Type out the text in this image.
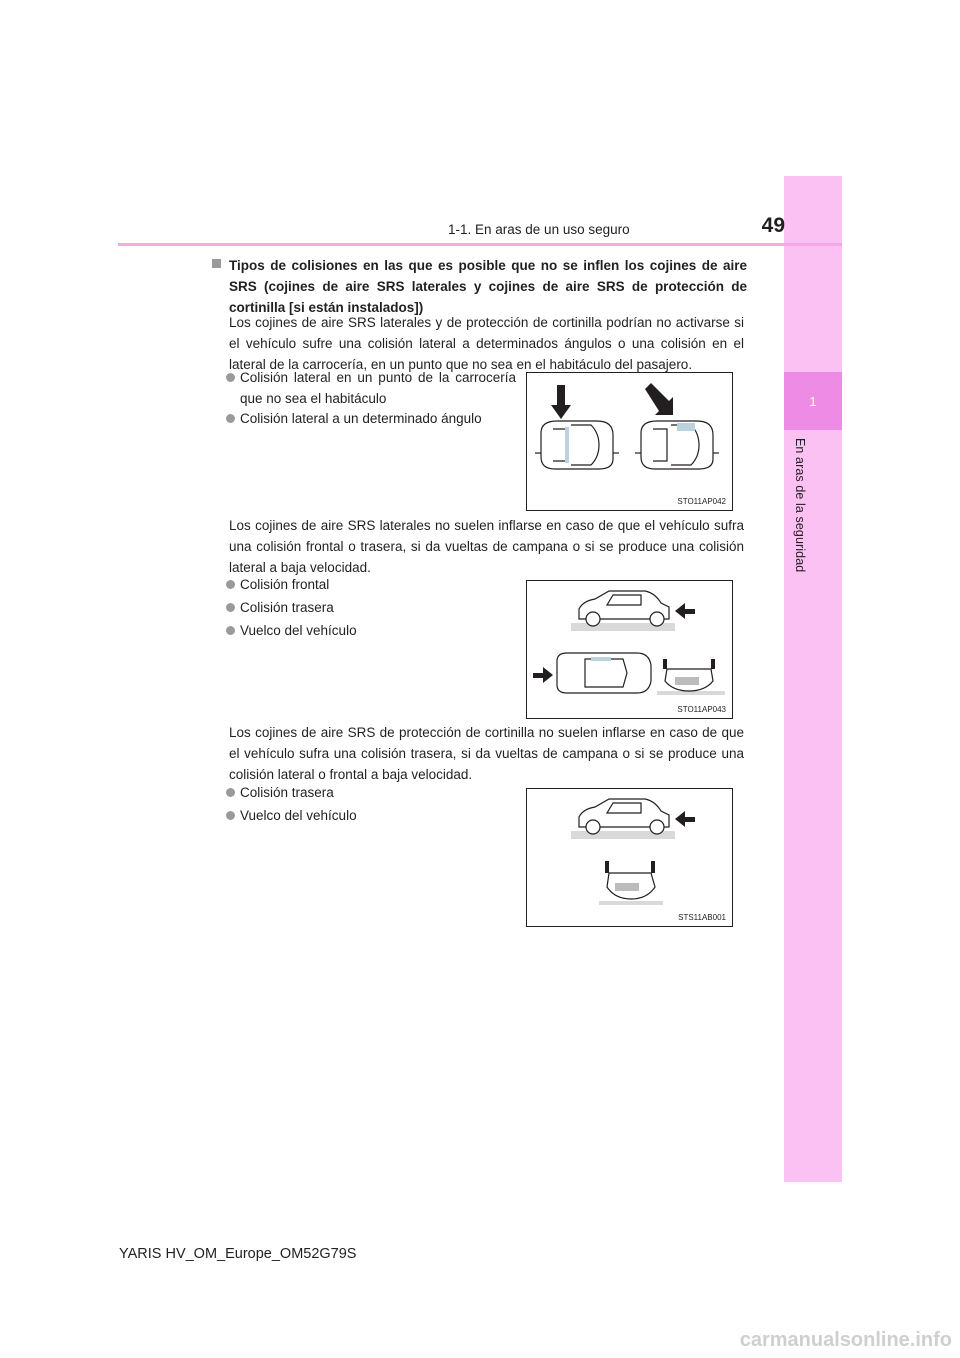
1
En aras de la seguridad
1-1. En aras de un uso seguro	49
Tipos de colisiones en las que es posible que no se inflen los cojines de aire SRS (cojines de aire SRS laterales y cojines de aire SRS de protección de cortinilla [si están instalados])
Los cojines de aire SRS laterales y de protección de cortinilla podrían no activarse si el vehículo sufre una colisión lateral a determinados ángulos o una colisión en el lateral de la carrocería, en un punto que no sea en el habitáculo del pasajero.
Colisión lateral en un punto de la carrocería que no sea el habitáculo
Colisión lateral a un determinado ángulo
STO11AP042
Los cojines de aire SRS laterales no suelen inflarse en caso de que el vehículo sufra una colisión frontal o trasera, si da vueltas de campana o si se produce una colisión lateral a baja velocidad.
Colisión frontal
Colisión trasera
Vuelco del vehículo
STO11AP043
Los cojines de aire SRS de protección de cortinilla no suelen inflarse en caso de que el vehículo sufra una colisión trasera, si da vueltas de campana o si se produce una colisión lateral o frontal a baja velocidad.
Colisión trasera
Vuelco del vehículo
STS11AB001
YARIS HV_OM_Europe_OM52G79S
carmanualsonline.info
